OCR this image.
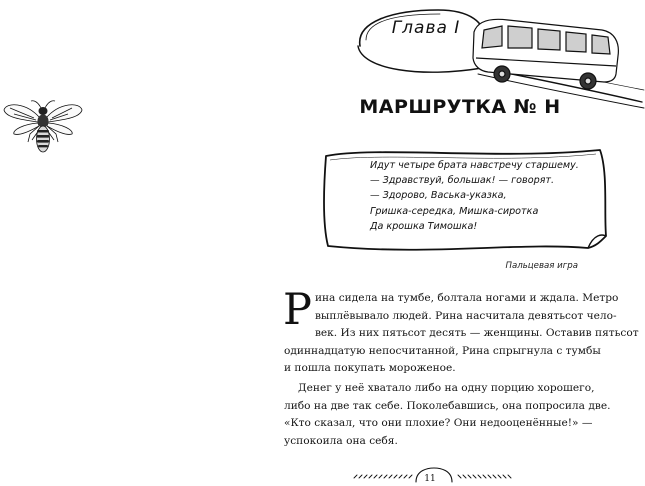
Глава I
МАРШРУТКА № Н
Идут четыре брата навстречу старшему.
— Здравствуй, большак! — говорят.
— Здорово, Васька-указка,
Гришка-середка, Мишка-сиротка
Да крошка Тимошка!
Пальцевая игра
Р ина сидела на тумбе, болтала ногами и ждала. Метро
выплёвывало людей. Рина насчитала девятьсот чело-
век. Из них пятьсот десять — женщины. Оставив пятьсот
одиннадцатую непосчитанной, Рина спрыгнула с тумбы
и пошла покупать мороженое.
Денег у неё хватало либо на одну порцию хорошего,
либо на две так себе. Поколебавшись, она попросила две.
«Кто сказал, что они плохие? Они недооценённые!» —
успокоила она себя.
11
